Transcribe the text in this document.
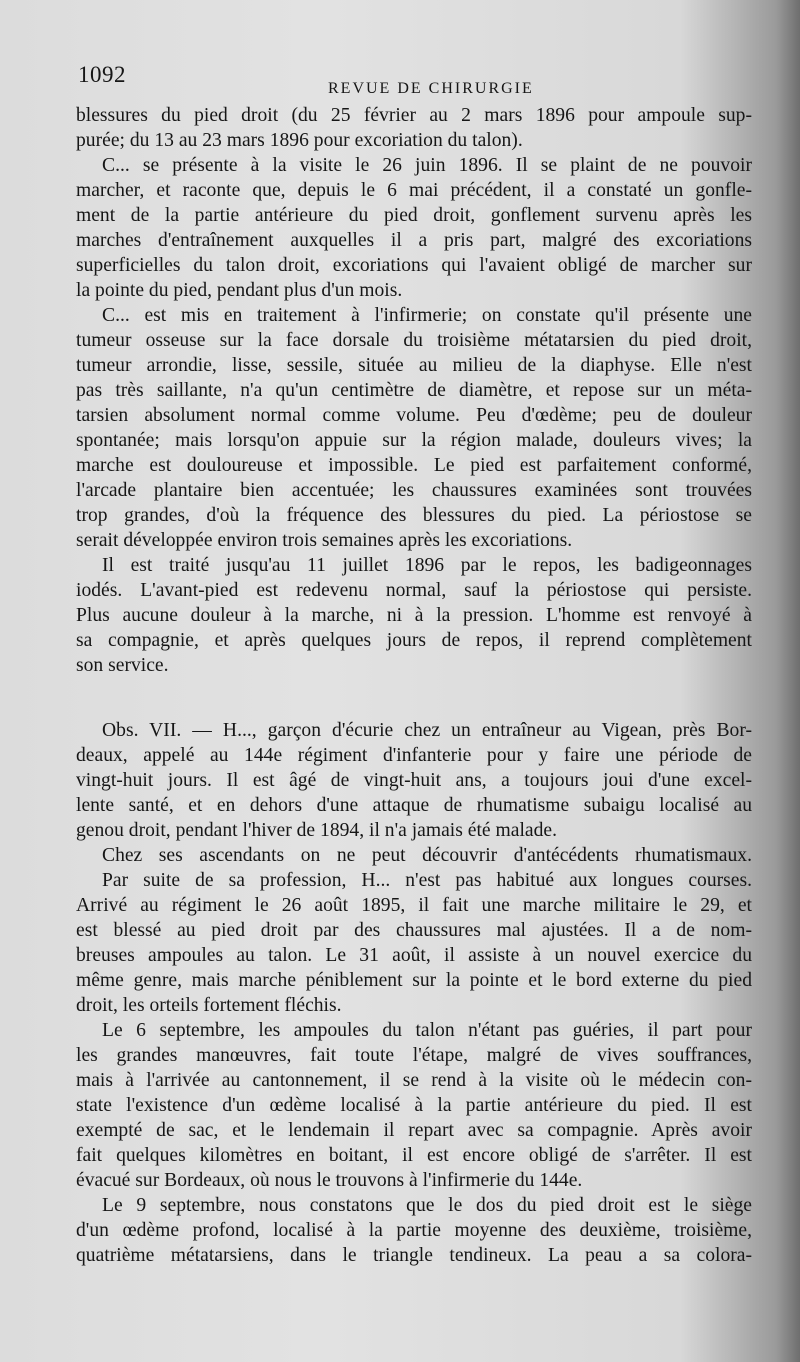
1092
REVUE DE CHIRURGIE
blessures du pied droit (du 25 février au 2 mars 1896 pour ampoule sup-
purée; du 13 au 23 mars 1896 pour excoriation du talon).
C... se présente à la visite le 26 juin 1896. Il se plaint de ne pouvoir
marcher, et raconte que, depuis le 6 mai précédent, il a constaté un gonfle-
ment de la partie antérieure du pied droit, gonflement survenu après les
marches d'entraînement auxquelles il a pris part, malgré des excoriations
superficielles du talon droit, excoriations qui l'avaient obligé de marcher sur
la pointe du pied, pendant plus d'un mois.
C... est mis en traitement à l'infirmerie; on constate qu'il présente une
tumeur osseuse sur la face dorsale du troisième métatarsien du pied droit,
tumeur arrondie, lisse, sessile, située au milieu de la diaphyse. Elle n'est
pas très saillante, n'a qu'un centimètre de diamètre, et repose sur un méta-
tarsien absolument normal comme volume. Peu d'œdème; peu de douleur
spontanée; mais lorsqu'on appuie sur la région malade, douleurs vives; la
marche est douloureuse et impossible. Le pied est parfaitement conformé,
l'arcade plantaire bien accentuée; les chaussures examinées sont trouvées
trop grandes, d'où la fréquence des blessures du pied. La périostose se
serait développée environ trois semaines après les excoriations.
Il est traité jusqu'au 11 juillet 1896 par le repos, les badigeonnages
iodés. L'avant-pied est redevenu normal, sauf la périostose qui persiste.
Plus aucune douleur à la marche, ni à la pression. L'homme est renvoyé à
sa compagnie, et après quelques jours de repos, il reprend complètement
son service.
Obs. VII. — H..., garçon d'écurie chez un entraîneur au Vigean, près Bor-
deaux, appelé au 144e régiment d'infanterie pour y faire une période de
vingt-huit jours. Il est âgé de vingt-huit ans, a toujours joui d'une excel-
lente santé, et en dehors d'une attaque de rhumatisme subaigu localisé au
genou droit, pendant l'hiver de 1894, il n'a jamais été malade.
Chez ses ascendants on ne peut découvrir d'antécédents rhumatismaux.
Par suite de sa profession, H... n'est pas habitué aux longues courses.
Arrivé au régiment le 26 août 1895, il fait une marche militaire le 29, et
est blessé au pied droit par des chaussures mal ajustées. Il a de nom-
breuses ampoules au talon. Le 31 août, il assiste à un nouvel exercice du
même genre, mais marche péniblement sur la pointe et le bord externe du pied
droit, les orteils fortement fléchis.
Le 6 septembre, les ampoules du talon n'étant pas guéries, il part pour
les grandes manœuvres, fait toute l'étape, malgré de vives souffrances,
mais à l'arrivée au cantonnement, il se rend à la visite où le médecin con-
state l'existence d'un œdème localisé à la partie antérieure du pied. Il est
exempté de sac, et le lendemain il repart avec sa compagnie. Après avoir
fait quelques kilomètres en boitant, il est encore obligé de s'arrêter. Il est
évacué sur Bordeaux, où nous le trouvons à l'infirmerie du 144e.
Le 9 septembre, nous constatons que le dos du pied droit est le siège
d'un œdème profond, localisé à la partie moyenne des deuxième, troisième,
quatrième métatarsiens, dans le triangle tendineux. La peau a sa colora-
